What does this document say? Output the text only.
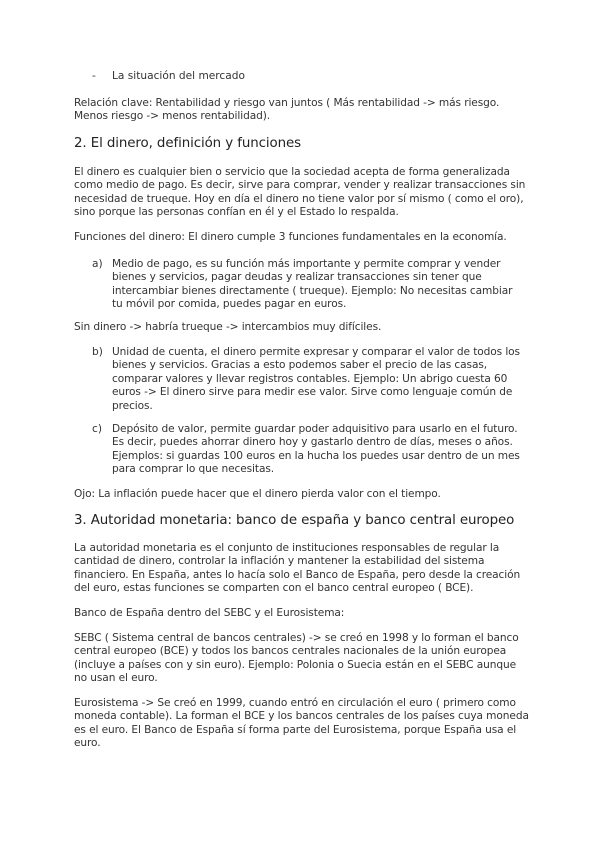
- La situación del mercado

Relación clave: Rentabilidad y riesgo van juntos ( Más rentabilidad -> más riesgo. Menos riesgo -> menos rentabilidad).

2. El dinero, definición y funciones

El dinero es cualquier bien o servicio que la sociedad acepta de forma generalizada como medio de pago. Es decir, sirve para comprar, vender y realizar transacciones sin necesidad de trueque. Hoy en día el dinero no tiene valor por sí mismo ( como el oro), sino porque las personas confían en él y el Estado lo respalda.

Funciones del dinero: El dinero cumple 3 funciones fundamentales en la economía.

a) Medio de pago, es su función más importante y permite comprar y vender bienes y servicios, pagar deudas y realizar transacciones sin tener que intercambiar bienes directamente ( trueque). Ejemplo: No necesitas cambiar tu móvil por comida, puedes pagar en euros.

Sin dinero -> habría trueque -> intercambios muy difíciles.

b) Unidad de cuenta, el dinero permite expresar y comparar el valor de todos los bienes y servicios. Gracias a esto podemos saber el precio de las casas, comparar valores y llevar registros contables. Ejemplo: Un abrigo cuesta 60 euros -> El dinero sirve para medir ese valor. Sirve como lenguaje común de precios.

c) Depósito de valor, permite guardar poder adquisitivo para usarlo en el futuro. Es decir, puedes ahorrar dinero hoy y gastarlo dentro de días, meses o años. Ejemplos: si guardas 100 euros en la hucha los puedes usar dentro de un mes para comprar lo que necesitas.

Ojo: La inflación puede hacer que el dinero pierda valor con el tiempo.

3. Autoridad monetaria: banco de españa y banco central europeo

La autoridad monetaria es el conjunto de instituciones responsables de regular la cantidad de dinero, controlar la inflación y mantener la estabilidad del sistema financiero. En España, antes lo hacía solo el Banco de España, pero desde la creación del euro, estas funciones se comparten con el banco central europeo ( BCE).

Banco de España dentro del SEBC y el Eurosistema:

SEBC ( Sistema central de bancos centrales) -> se creó en 1998 y lo forman el banco central europeo (BCE) y todos los bancos centrales nacionales de la unión europea (incluye a países con y sin euro). Ejemplo: Polonia o Suecia están en el SEBC aunque no usan el euro.

Eurosistema -> Se creó en 1999, cuando entró en circulación el euro ( primero como moneda contable). La forman el BCE y los bancos centrales de los países cuya moneda es el euro. El Banco de España sí forma parte del Eurosistema, porque España usa el euro.
